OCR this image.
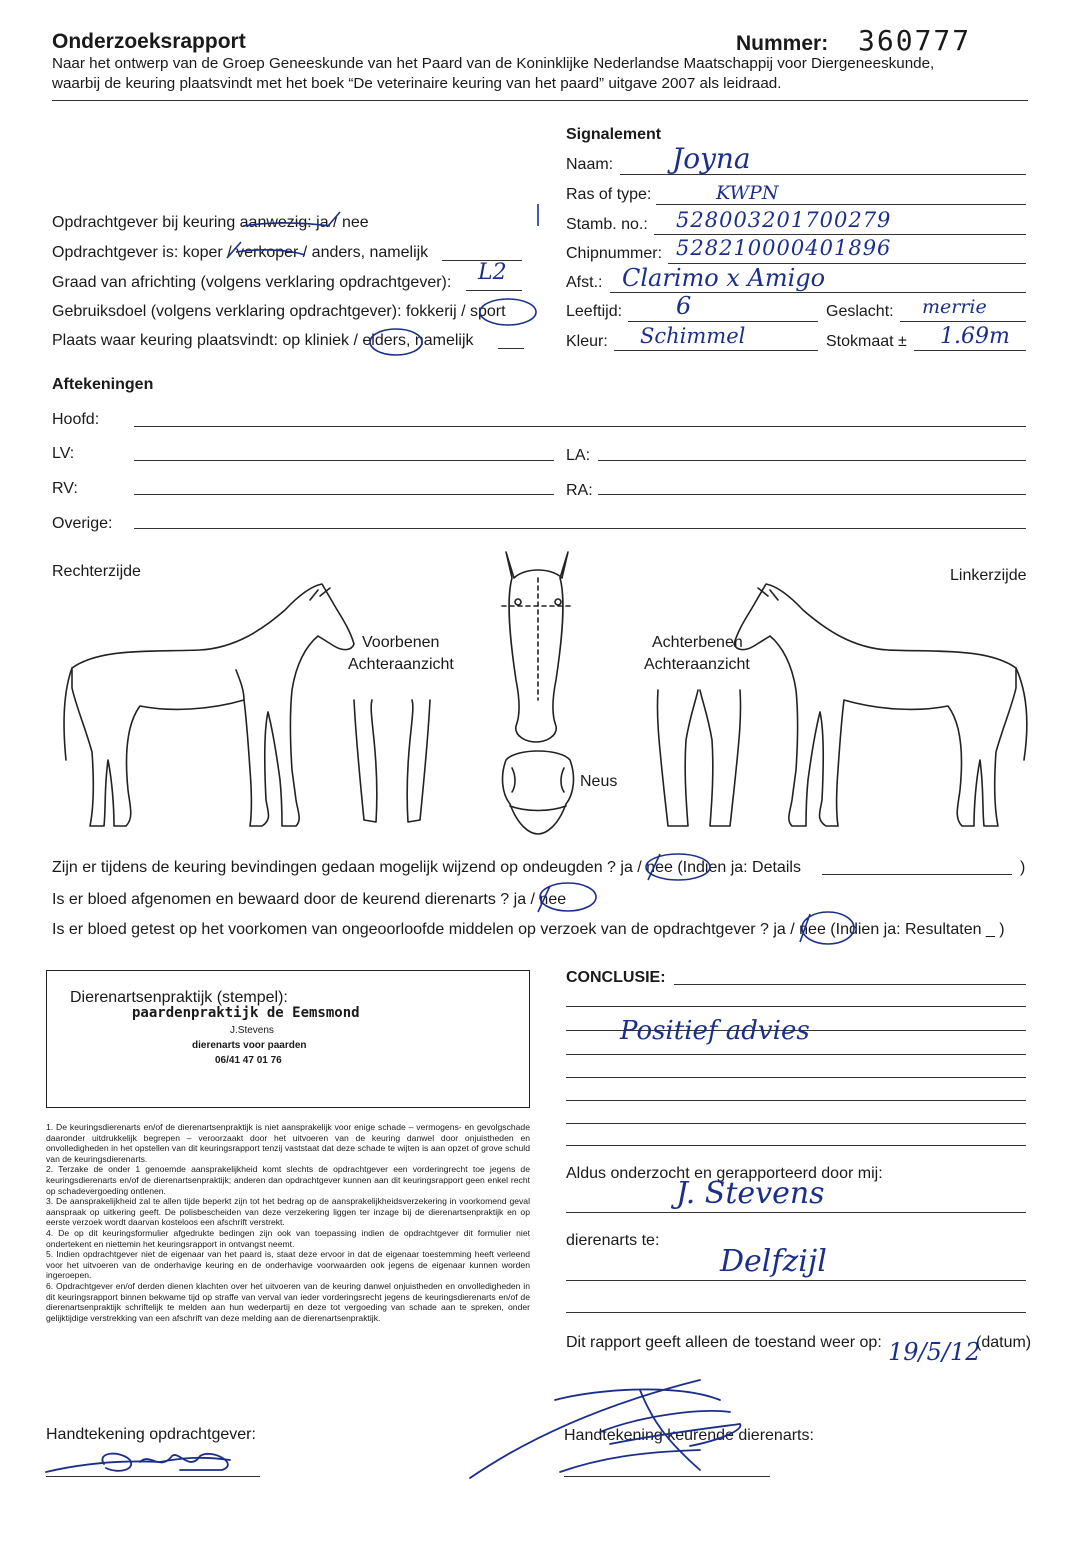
Onderzoeksrapport	Nummer: 360777
Naar het ontwerp van de Groep Geneeskunde van het Paard van de Koninklijke Nederlandse Maatschappij voor Diergeneeskunde,
waarbij de keuring plaatsvindt met het boek “De veterinaire keuring van het paard” uitgave 2007 als leidraad.
Signalement
Naam: Joyna
Ras of type:	KWPN
Stamb. no.: 528003201700279
Chipnummer: 528210000401896
Afst.: Clarimo x Amigo
Leeftijd: 6	Geslacht: merrie
Kleur: Schimmel	Stokmaat ± 1.69m
Opdrachtgever bij keuring aanwezig: ja / nee
Opdrachtgever is: koper / verkoper / anders, namelijk
Graad van africhting (volgens verklaring opdrachtgever): L2
Gebruiksdoel (volgens verklaring opdrachtgever): fokkerij / sport
Plaats waar keuring plaatsvindt: op kliniek / elders, namelijk
Aftekeningen
Hoofd:
LV:	LA:
RV:	RA:
Overige:
Rechterzijde	Linkerzijde
Voorbenen
Achteraanzicht
Achterbenen
Achteraanzicht
Neus
Zijn er tijdens de keuring bevindingen gedaan mogelijk wijzend op ondeugden ? ja / nee (Indien ja: Details	)
Is er bloed afgenomen en bewaard door de keurend dierenarts ? ja / nee
Is er bloed getest op het voorkomen van ongeoorloofde middelen op verzoek van de opdrachtgever ? ja / nee (Indien ja: Resultaten _ )
Dierenartsenpraktijk (stempel):
paardenpraktijk de Eemsmond
J.Stevens
dierenarts voor paarden
06/41 47 01 76
CONCLUSIE:
Positief advies

1. De keuringsdierenarts en/of de dierenartsenpraktijk is niet aansprakelijk voor enige schade – vermogens- en gevolgschade daaronder uitdrukkelijk begrepen – veroorzaakt door het uitvoeren van de keuring danwel door onjuistheden en onvolledigheden in het opstellen van dit keuringsrapport tenzij vaststaat dat deze schade te wijten is aan opzet of grove schuld van de keuringsdierenarts.

2. Terzake de onder 1 genoemde aansprakelijkheid komt slechts de opdrachtgever een vorderingrecht toe jegens de keuringsdierenarts en/of de dierenartsenpraktijk; anderen dan opdrachtgever kunnen aan dit keuringsrapport geen enkel recht op schadevergoeding ontlenen.

3. De aansprakelijkheid zal te allen tijde beperkt zijn tot het bedrag op de aansprakelijkheidsverzekering in voorkomend geval aanspraak op uitkering geeft. De polisbescheiden van deze verzekering liggen ter inzage bij de dierenartsenpraktijk en op eerste verzoek wordt daarvan kosteloos een afschrift verstrekt.

4. De op dit keuringsformulier afgedrukte bedingen zijn ook van toepassing indien de opdrachtgever dit formulier niet ondertekent en niettemin het keuringsrapport in ontvangst neemt.

5. Indien opdrachtgever niet de eigenaar van het paard is, staat deze ervoor in dat de eigenaar toestemming heeft verleend voor het uitvoeren van de onderhavige keuring en de onderhavige voorwaarden ook jegens de eigenaar kunnen worden ingeroepen.

6. Opdrachtgever en/of derden dienen klachten over het uitvoeren van de keuring danwel onjuistheden en onvolledigheden in dit keuringsrapport binnen bekwame tijd op straffe van verval van ieder vorderingsrecht jegens de keuringsdierenarts en/of de dierenartsenpraktijk schriftelijk te melden aan hun wederpartij en deze tot vergoeding van schade aan te spreken, onder gelijktijdige verstrekking van een afschrift van deze melding aan de dierenartsenpraktijk.

Aldus onderzocht en gerapporteerd door mij:
J. Stevens
dierenarts te:
Delfzijl
Dit rapport geeft alleen de toestand weer op: 19/5/12
(datum)
Handtekening opdrachtgever:	Handtekening keurende dierenarts:
